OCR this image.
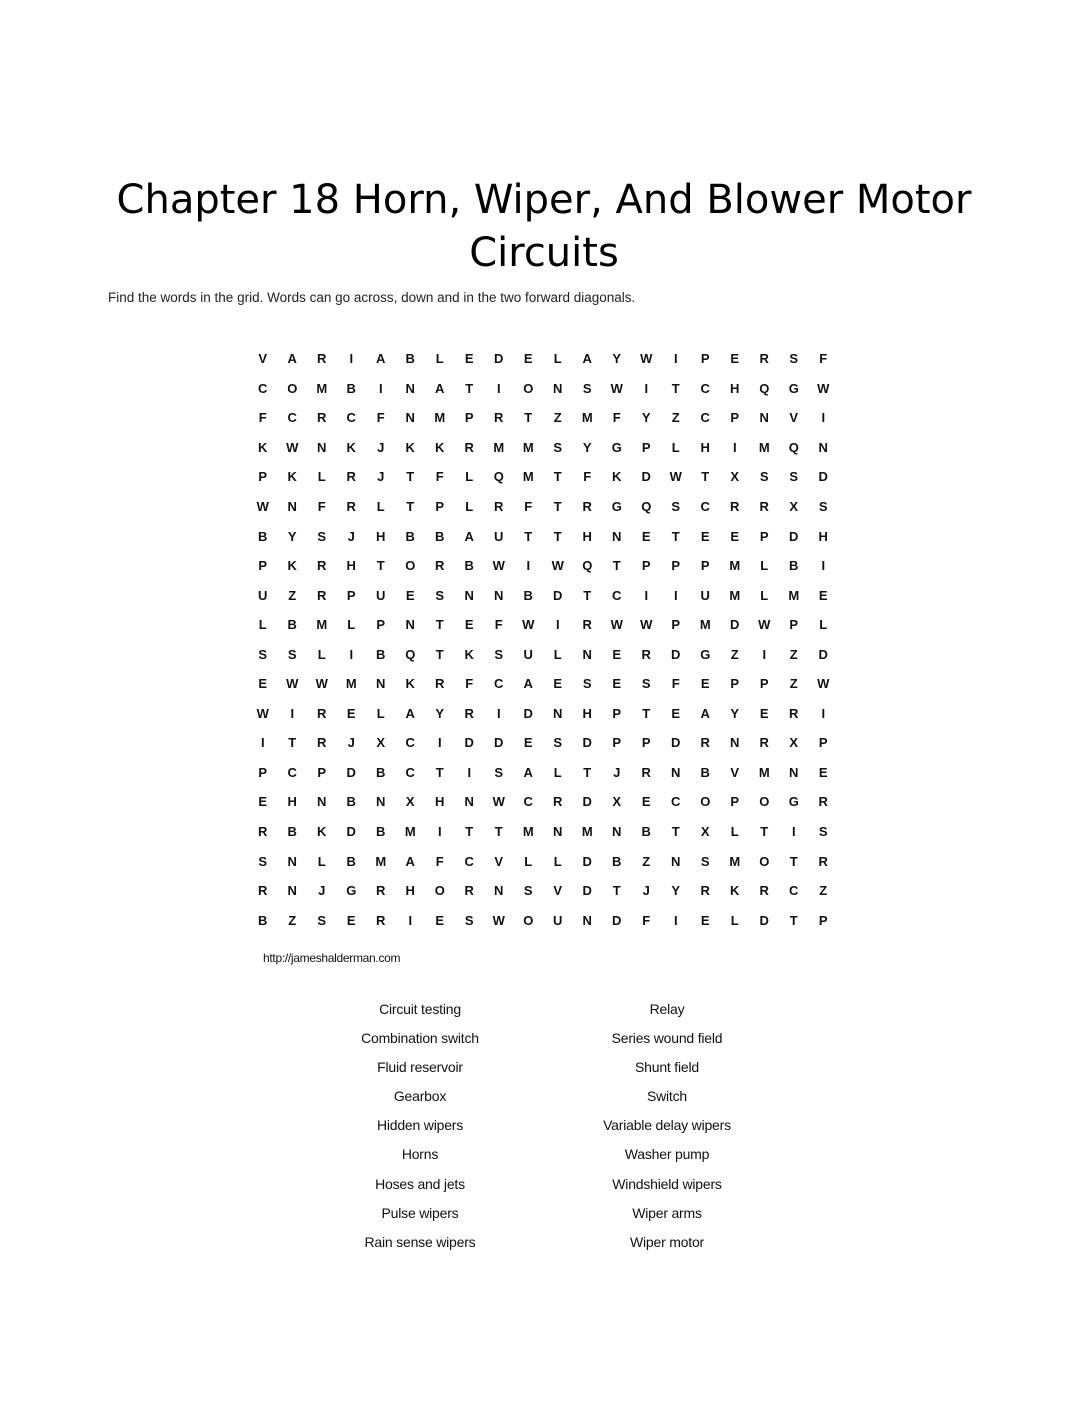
Chapter 18 Horn, Wiper, And Blower Motor Circuits
Find the words in the grid. Words can go across, down and in the two forward diagonals.
V	A	R	I	A	B	L	E	D	E	L	A	Y	W	I	P	E	R	S	F
C	O	M	B	I	N	A	T	I	O	N	S	W	I	T	C	H	Q	G	W
F	C	R	C	F	N	M	P	R	T	Z	M	F	Y	Z	C	P	N	V	I
K	W	N	K	J	K	K	R	M	M	S	Y	G	P	L	H	I	M	Q	N
P	K	L	R	J	T	F	L	Q	M	T	F	K	D	W	T	X	S	S	D
W	N	F	R	L	T	P	L	R	F	T	R	G	Q	S	C	R	R	X	S
B	Y	S	J	H	B	B	A	U	T	T	H	N	E	T	E	E	P	D	H
P	K	R	H	T	O	R	B	W	I	W	Q	T	P	P	P	M	L	B	I
U	Z	R	P	U	E	S	N	N	B	D	T	C	I	I	U	M	L	M	E
L	B	M	L	P	N	T	E	F	W	I	R	W	W	P	M	D	W	P	L
S	S	L	I	B	Q	T	K	S	U	L	N	E	R	D	G	Z	I	Z	D
E	W	W	M	N	K	R	F	C	A	E	S	E	S	F	E	P	P	Z	W
W	I	R	E	L	A	Y	R	I	D	N	H	P	T	E	A	Y	E	R	I
I	T	R	J	X	C	I	D	D	E	S	D	P	P	D	R	N	R	X	P
P	C	P	D	B	C	T	I	S	A	L	T	J	R	N	B	V	M	N	E
E	H	N	B	N	X	H	N	W	C	R	D	X	E	C	O	P	O	G	R
R	B	K	D	B	M	I	T	T	M	N	M	N	B	T	X	L	T	I	S
S	N	L	B	M	A	F	C	V	L	L	D	B	Z	N	S	M	O	T	R
R	N	J	G	R	H	O	R	N	S	V	D	T	J	Y	R	K	R	C	Z
B	Z	S	E	R	I	E	S	W	O	U	N	D	F	I	E	L	D	T	P
http://jameshalderman.com
Circuit testing
Combination switch
Fluid reservoir
Gearbox
Hidden wipers
Horns
Hoses and jets
Pulse wipers
Rain sense wipers
Relay
Series wound field
Shunt field
Switch
Variable delay wipers
Washer pump
Windshield wipers
Wiper arms
Wiper motor
